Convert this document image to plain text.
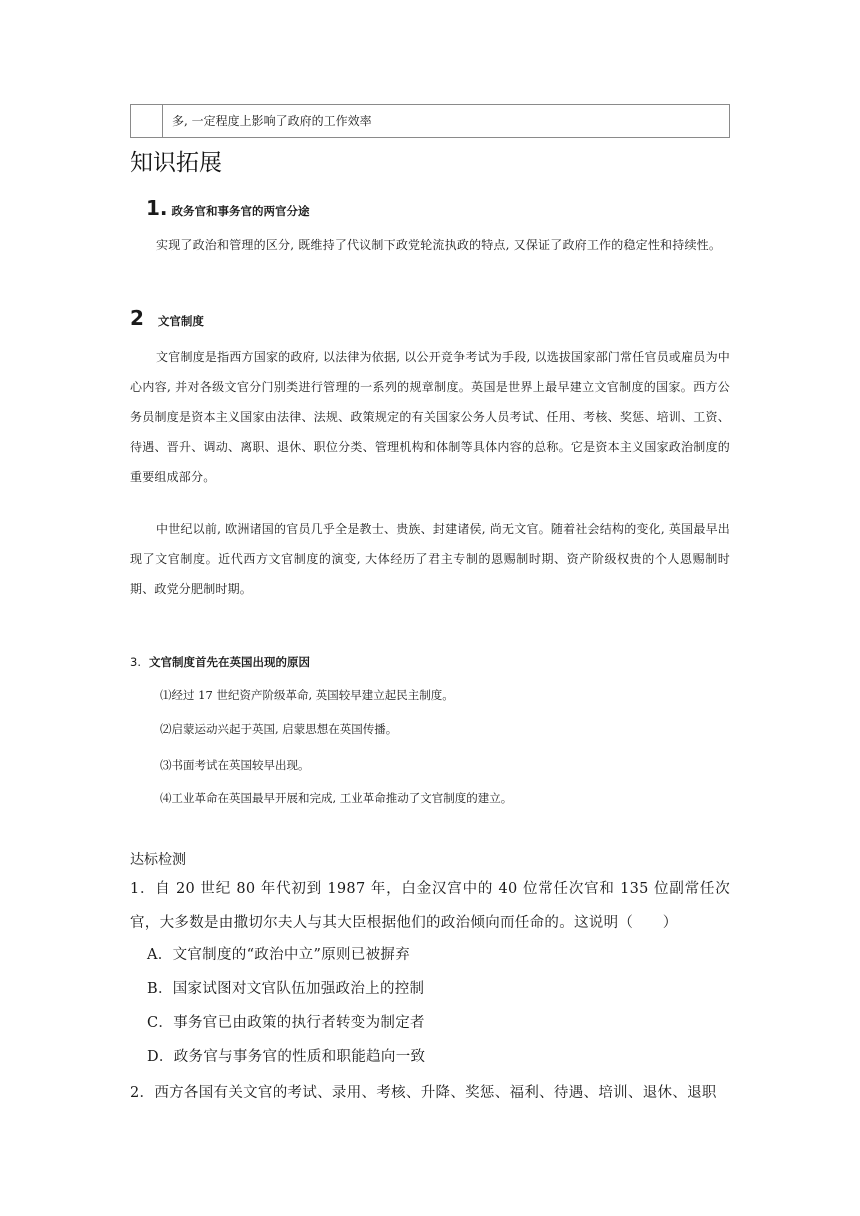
多, 一定程度上影响了政府的工作效率
知识拓展
1. 政务官和事务官的两官分途
实现了政治和管理的区分, 既维持了代议制下政党轮流执政的特点, 又保证了政府工作的稳定性和持续性。
2 文官制度
文官制度是指西方国家的政府, 以法律为依据, 以公开竞争考试为手段, 以选拔国家部门常任官员或雇员为中心内容, 并对各级文官分门别类进行管理的一系列的规章制度。英国是世界上最早建立文官制度的国家。西方公务员制度是资本主义国家由法律、法规、政策规定的有关国家公务人员考试、任用、考核、奖惩、培训、工资、待遇、晋升、调动、离职、退休、职位分类、管理机构和体制等具体内容的总称。它是资本主义国家政治制度的重要组成部分。
中世纪以前, 欧洲诸国的官员几乎全是教士、贵族、封建诸侯, 尚无文官。随着社会结构的变化, 英国最早出现了文官制度。近代西方文官制度的演变, 大体经历了君主专制的恩赐制时期、资产阶级权贵的个人恩赐制时期、政党分肥制时期。
3. 文官制度首先在英国出现的原因
⑴经过 17 世纪资产阶级革命, 英国较早建立起民主制度。
⑵启蒙运动兴起于英国, 启蒙思想在英国传播。
⑶书面考试在英国较早出现。
⑷工业革命在英国最早开展和完成, 工业革命推动了文官制度的建立。
达标检测
1．自 20 世纪 80 年代初到 1987 年，白金汉宫中的 40 位常任次官和 135 位副常任次官，大多数是由撒切尔夫人与其大臣根据他们的政治倾向而任命的。这说明（　　）
A．文官制度的“政治中立”原则已被摒弃
B．国家试图对文官队伍加强政治上的控制
C．事务官已由政策的执行者转变为制定者
D．政务官与事务官的性质和职能趋向一致
2．西方各国有关文官的考试、录用、考核、升降、奖惩、福利、待遇、培训、退休、退职
